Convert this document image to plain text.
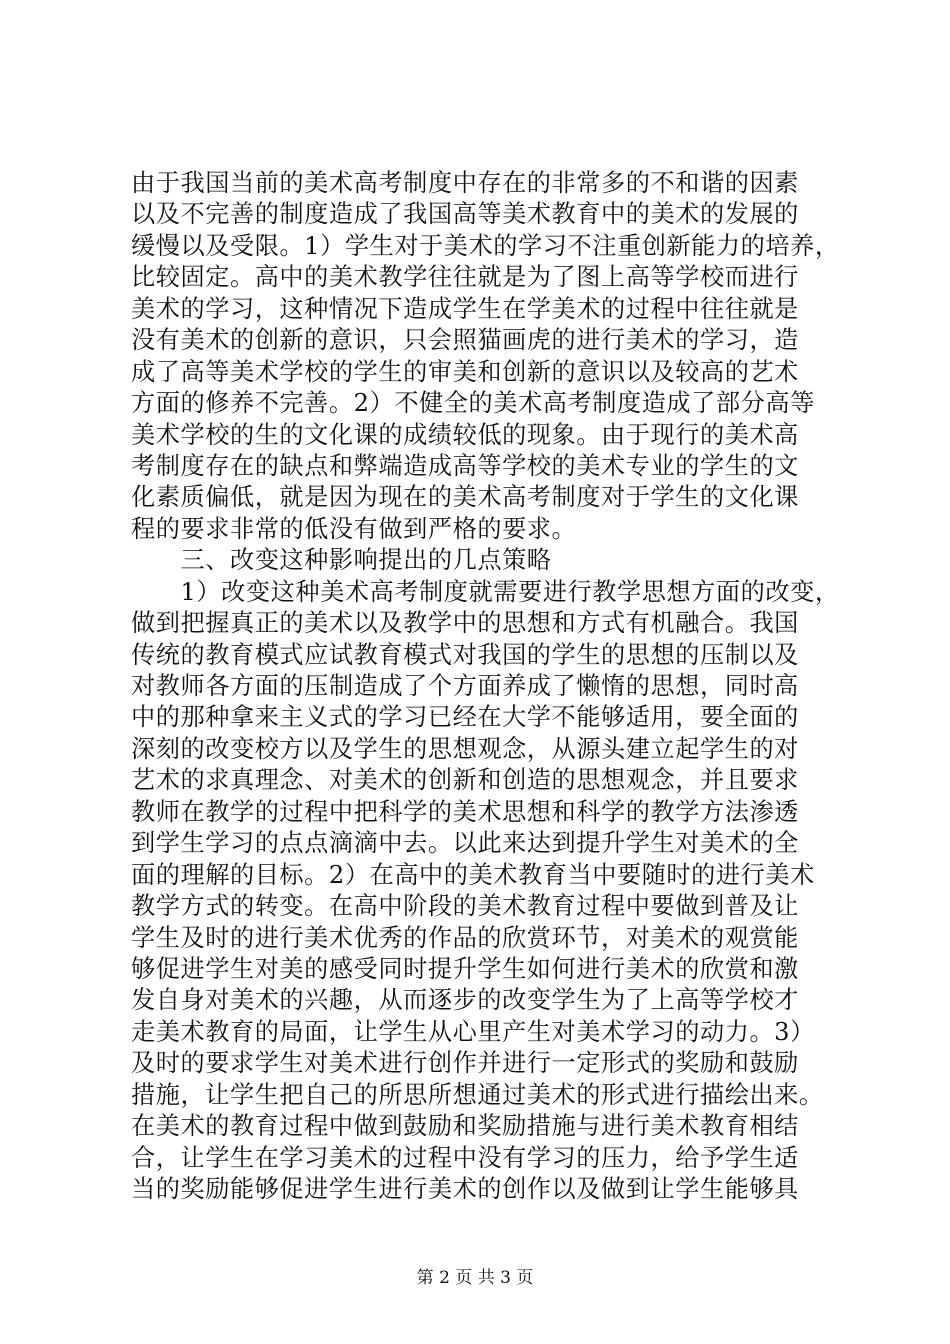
由于我国当前的美术高考制度中存在的非常多的不和谐的因素
以及不完善的制度造成了我国高等美术教育中的美术的发展的
缓慢以及受限。1）学生对于美术的学习不注重创新能力的培养，
比较固定。高中的美术教学往往就是为了图上高等学校而进行
美术的学习，这种情况下造成学生在学美术的过程中往往就是
没有美术的创新的意识，只会照猫画虎的进行美术的学习，造
成了高等美术学校的学生的审美和创新的意识以及较高的艺术
方面的修养不完善。2）不健全的美术高考制度造成了部分高等
美术学校的生的文化课的成绩较低的现象。由于现行的美术高
考制度存在的缺点和弊端造成高等学校的美术专业的学生的文
化素质偏低，就是因为现在的美术高考制度对于学生的文化课
程的要求非常的低没有做到严格的要求。
　　三、改变这种影响提出的几点策略
　　1）改变这种美术高考制度就需要进行教学思想方面的改变，
做到把握真正的美术以及教学中的思想和方式有机融合。我国
传统的教育模式应试教育模式对我国的学生的思想的压制以及
对教师各方面的压制造成了个方面养成了懒惰的思想，同时高
中的那种拿来主义式的学习已经在大学不能够适用，要全面的
深刻的改变校方以及学生的思想观念，从源头建立起学生的对
艺术的求真理念、对美术的创新和创造的思想观念，并且要求
教师在教学的过程中把科学的美术思想和科学的教学方法渗透
到学生学习的点点滴滴中去。以此来达到提升学生对美术的全
面的理解的目标。2）在高中的美术教育当中要随时的进行美术
教学方式的转变。在高中阶段的美术教育过程中要做到普及让
学生及时的进行美术优秀的作品的欣赏环节，对美术的观赏能
够促进学生对美的感受同时提升学生如何进行美术的欣赏和激
发自身对美术的兴趣，从而逐步的改变学生为了上高等学校才
走美术教育的局面，让学生从心里产生对美术学习的动力。3）
及时的要求学生对美术进行创作并进行一定形式的奖励和鼓励
措施，让学生把自己的所思所想通过美术的形式进行描绘出来。
在美术的教育过程中做到鼓励和奖励措施与进行美术教育相结
合，让学生在学习美术的过程中没有学习的压力，给予学生适
当的奖励能够促进学生进行美术的创作以及做到让学生能够具
第 2 页 共 3 页
